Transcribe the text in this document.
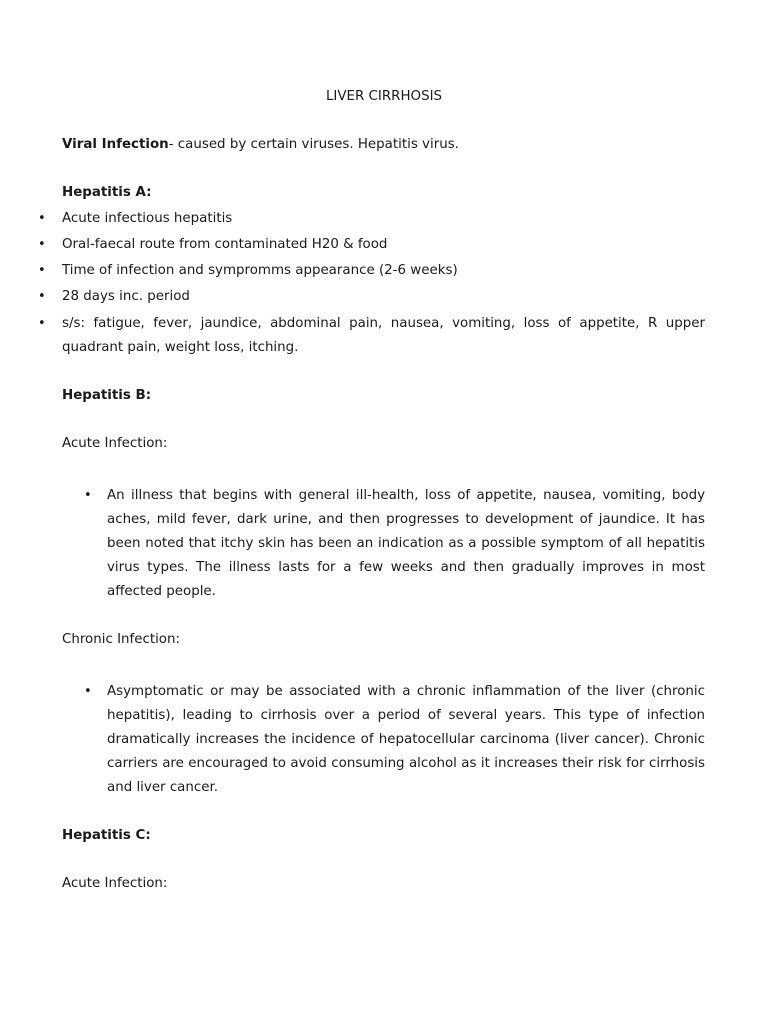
LIVER CIRRHOSIS
Viral Infection- caused by certain viruses. Hepatitis virus.
Hepatitis A:
• Acute infectious hepatitis
• Oral-faecal route from contaminated H20 & food
• Time of infection and sympromms appearance (2-6 weeks)
• 28 days inc. period
• s/s: fatigue, fever, jaundice, abdominal pain, nausea, vomiting, loss of appetite, R upper quadrant pain, weight loss, itching.
Hepatitis B:
Acute Infection:
• An illness that begins with general ill-health, loss of appetite, nausea, vomiting, body aches, mild fever, dark urine, and then progresses to development of jaundice. It has been noted that itchy skin has been an indication as a possible symptom of all hepatitis virus types. The illness lasts for a few weeks and then gradually improves in most affected people.
Chronic Infection:
• Asymptomatic or may be associated with a chronic inflammation of the liver (chronic hepatitis), leading to cirrhosis over a period of several years. This type of infection dramatically increases the incidence of hepatocellular carcinoma (liver cancer). Chronic carriers are encouraged to avoid consuming alcohol as it increases their risk for cirrhosis and liver cancer.
Hepatitis C:
Acute Infection:
